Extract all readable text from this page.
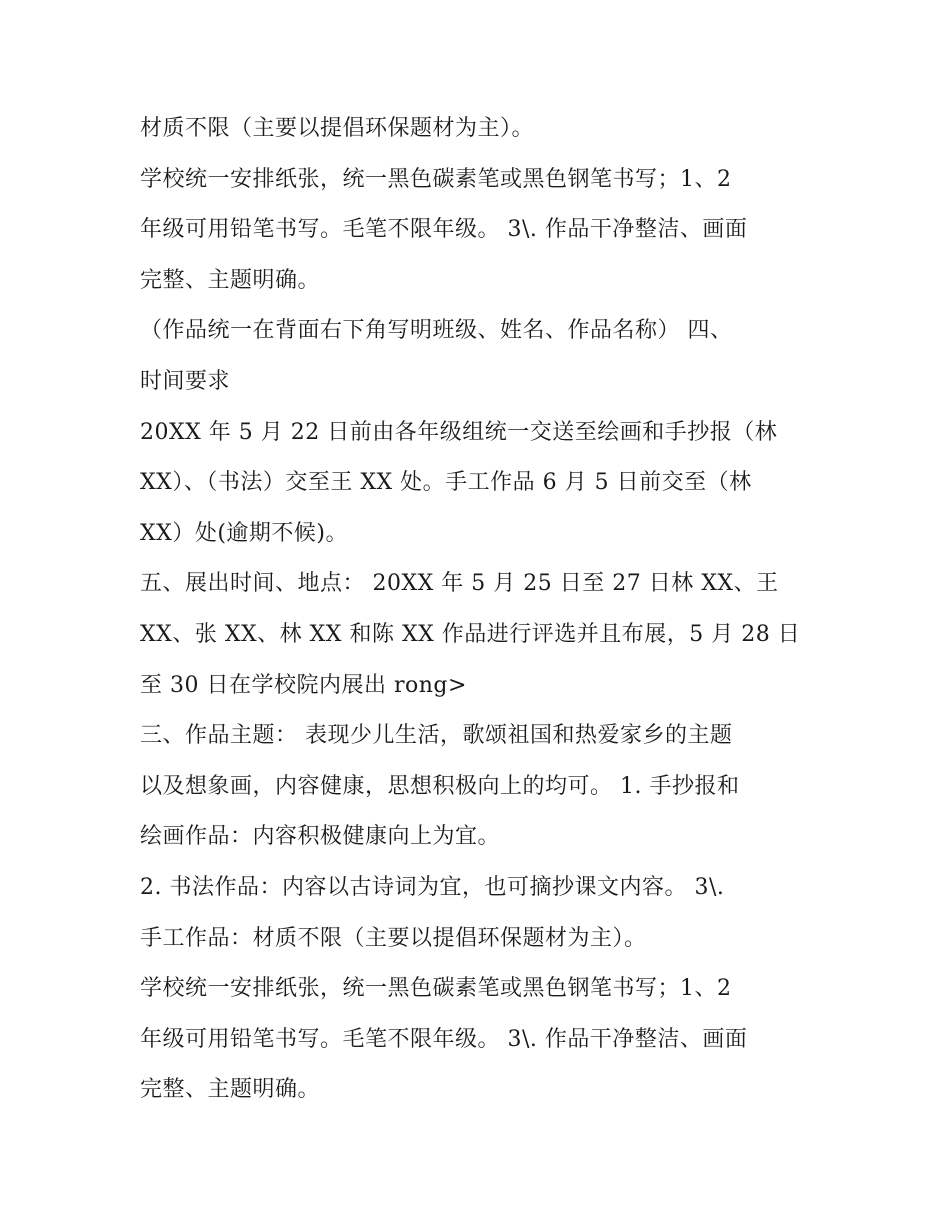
材质不限（主要以提倡环保题材为主）。
学校统一安排纸张，统一黑色碳素笔或黑色钢笔书写；1、2
年级可用铅笔书写。毛笔不限年级。 3\. 作品干净整洁、画面
完整、主题明确。
（作品统一在背面右下角写明班级、姓名、作品名称） 四、
时间要求
20XX 年 5 月 22 日前由各年级组统一交送至绘画和手抄报（林
XX）、（书法）交至王 XX 处。手工作品 6 月 5 日前交至（林
XX）处(逾期不候)。
五、展出时间、地点： 20XX 年 5 月 25 日至 27 日林 XX、王
XX、张 XX、林 XX 和陈 XX 作品进行评选并且布展，5 月 28 日
至 30 日在学校院内展出 rong>
三、作品主题： 表现少儿生活，歌颂祖国和热爱家乡的主题
以及想象画，内容健康，思想积极向上的均可。 1. 手抄报和
绘画作品：内容积极健康向上为宜。
2. 书法作品：内容以古诗词为宜，也可摘抄课文内容。 3\.
手工作品：材质不限（主要以提倡环保题材为主）。
学校统一安排纸张，统一黑色碳素笔或黑色钢笔书写；1、2
年级可用铅笔书写。毛笔不限年级。 3\. 作品干净整洁、画面
完整、主题明确。
